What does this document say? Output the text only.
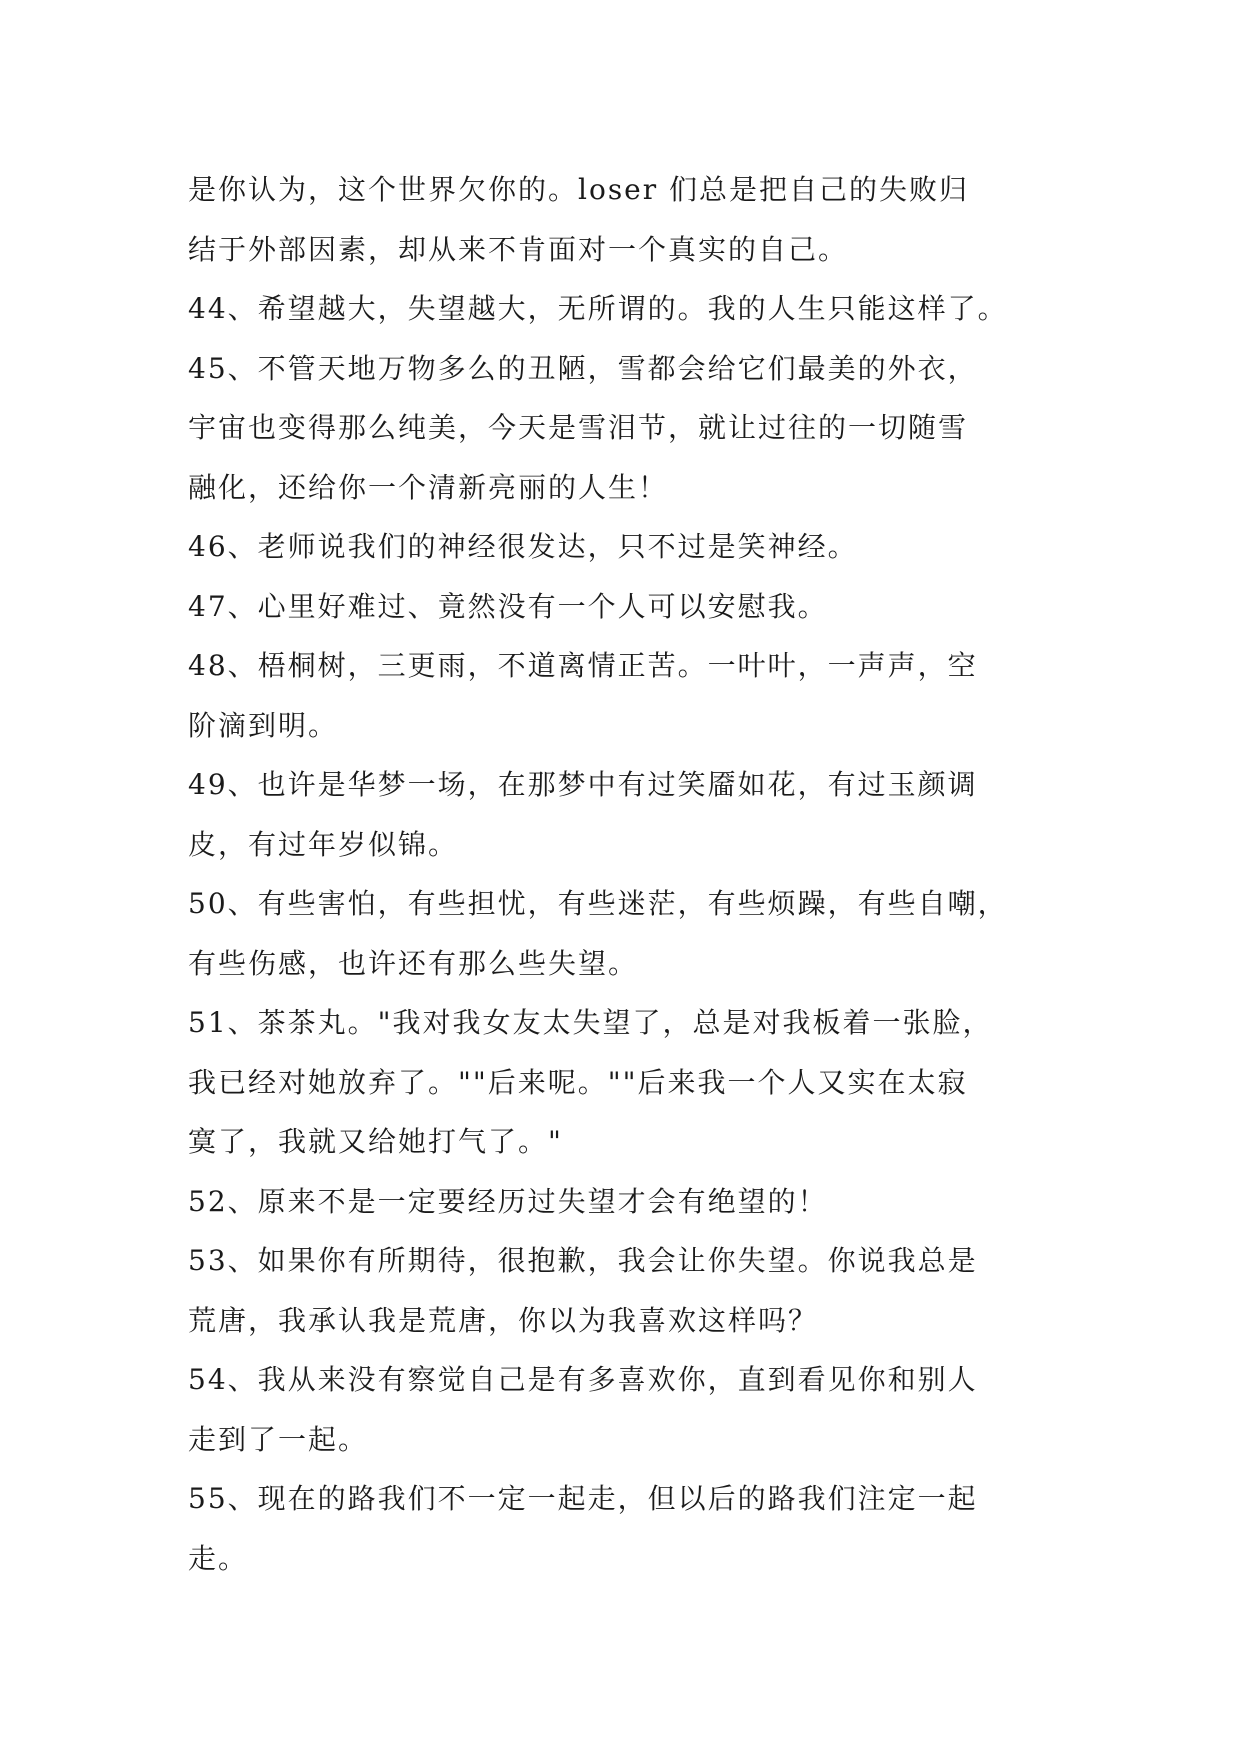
是你认为，这个世界欠你的。loser 们总是把自己的失败归
结于外部因素，却从来不肯面对一个真实的自己。
44、希望越大，失望越大，无所谓的。我的人生只能这样了。
45、不管天地万物多么的丑陋，雪都会给它们最美的外衣，
宇宙也变得那么纯美，今天是雪泪节，就让过往的一切随雪
融化，还给你一个清新亮丽的人生！
46、老师说我们的神经很发达，只不过是笑神经。
47、心里好难过、竟然没有一个人可以安慰我。
48、梧桐树，三更雨，不道离情正苦。一叶叶，一声声，空
阶滴到明。
49、也许是华梦一场，在那梦中有过笑靥如花，有过玉颜调
皮，有过年岁似锦。
50、有些害怕，有些担忧，有些迷茫，有些烦躁，有些自嘲，
有些伤感，也许还有那么些失望。
51、茶茶丸。"我对我女友太失望了，总是对我板着一张脸，
我已经对她放弃了。""后来呢。""后来我一个人又实在太寂
寞了，我就又给她打气了。"
52、原来不是一定要经历过失望才会有绝望的！
53、如果你有所期待，很抱歉，我会让你失望。你说我总是
荒唐，我承认我是荒唐，你以为我喜欢这样吗？
54、我从来没有察觉自己是有多喜欢你，直到看见你和别人
走到了一起。
55、现在的路我们不一定一起走，但以后的路我们注定一起
走。
